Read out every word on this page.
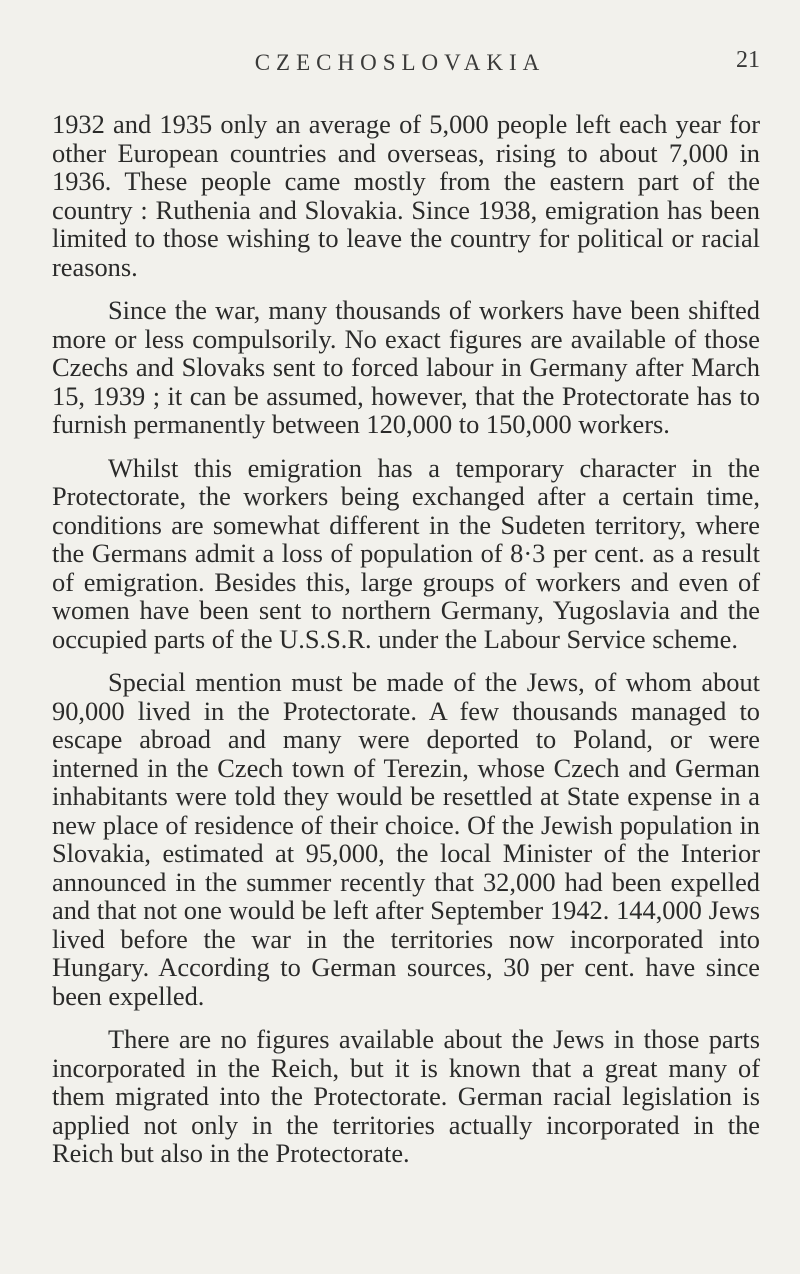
CZECHOSLOVAKIA	21

1932 and 1935 only an average of 5,000 people left each year for other European countries and overseas, rising to about 7,000 in 1936. These people came mostly from the eastern part of the country : Ruthenia and Slovakia. Since 1938, emigration has been limited to those wishing to leave the country for political or racial reasons.

Since the war, many thousands of workers have been shifted more or less compulsorily. No exact figures are available of those Czechs and Slovaks sent to forced labour in Germany after March 15, 1939 ; it can be assumed, however, that the Protectorate has to furnish permanently between 120,000 to 150,000 workers.

Whilst this emigration has a temporary character in the Protectorate, the workers being exchanged after a certain time, conditions are somewhat different in the Sudeten territory, where the Germans admit a loss of population of 8·3 per cent. as a result of emigration. Besides this, large groups of workers and even of women have been sent to northern Germany, Yugoslavia and the occupied parts of the U.S.S.R. under the Labour Service scheme.

Special mention must be made of the Jews, of whom about 90,000 lived in the Protectorate. A few thousands managed to escape abroad and many were deported to Poland, or were interned in the Czech town of Terezin, whose Czech and German inhabitants were told they would be resettled at State expense in a new place of residence of their choice. Of the Jewish population in Slovakia, estimated at 95,000, the local Minister of the Interior announced in the summer recently that 32,000 had been expelled and that not one would be left after September 1942. 144,000 Jews lived before the war in the territories now incorporated into Hungary. According to German sources, 30 per cent. have since been expelled.

There are no figures available about the Jews in those parts incorporated in the Reich, but it is known that a great many of them migrated into the Protectorate. German racial legislation is applied not only in the territories actually incorporated in the Reich but also in the Protectorate.
